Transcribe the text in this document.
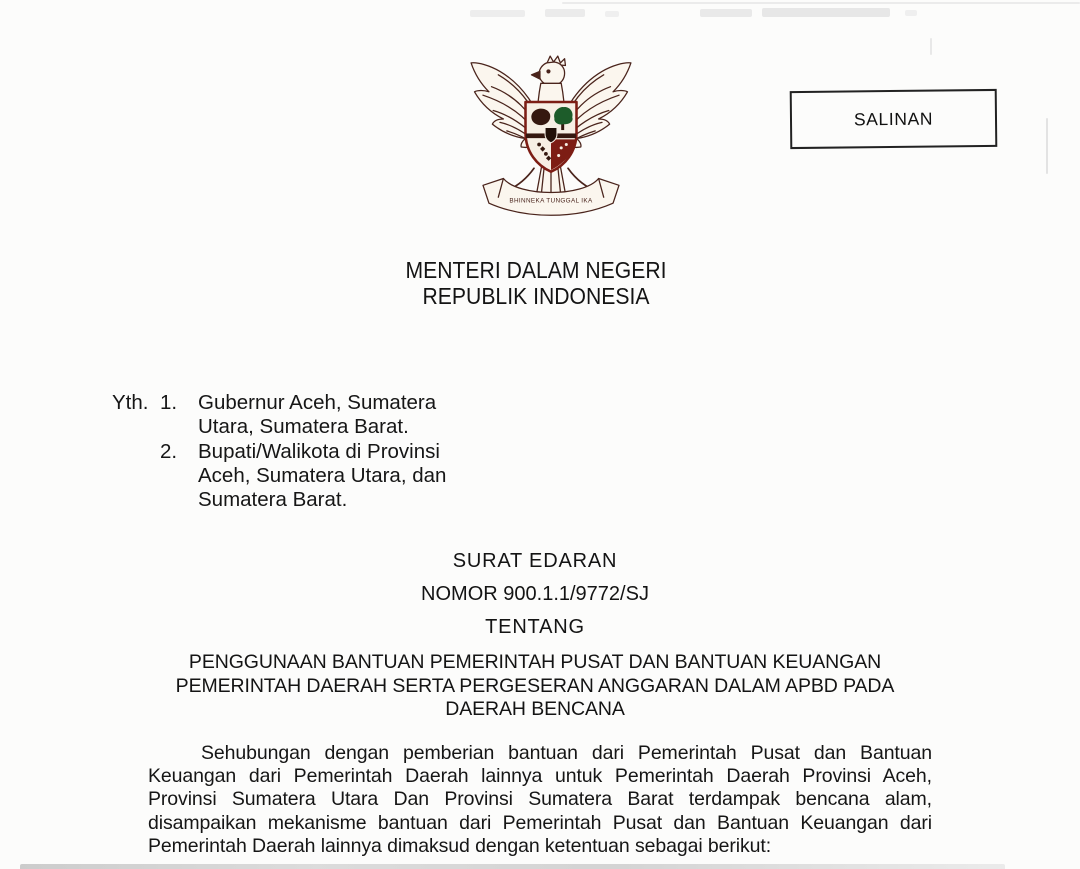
BHINNEKA TUNGGAL IKA
SALINAN
MENTERI DALAM NEGERI
REPUBLIK INDONESIA
Yth. 1.	Gubernur Aceh, Sumatera
Utara, Sumatera Barat.
2.	Bupati/Walikota di Provinsi
Aceh, Sumatera Utara, dan
Sumatera Barat.
SURAT EDARAN
NOMOR 900.1.1/9772/SJ
TENTANG
PENGGUNAAN BANTUAN PEMERINTAH PUSAT DAN BANTUAN KEUANGAN
PEMERINTAH DAERAH SERTA PERGESERAN ANGGARAN DALAM APBD PADA
DAERAH BENCANA
Sehubungan dengan pemberian bantuan dari Pemerintah Pusat dan Bantuan
Keuangan dari Pemerintah Daerah lainnya untuk Pemerintah Daerah Provinsi Aceh,
Provinsi Sumatera Utara Dan Provinsi Sumatera Barat terdampak bencana alam,
disampaikan mekanisme bantuan dari Pemerintah Pusat dan Bantuan Keuangan dari
Pemerintah Daerah lainnya dimaksud dengan ketentuan sebagai berikut:
